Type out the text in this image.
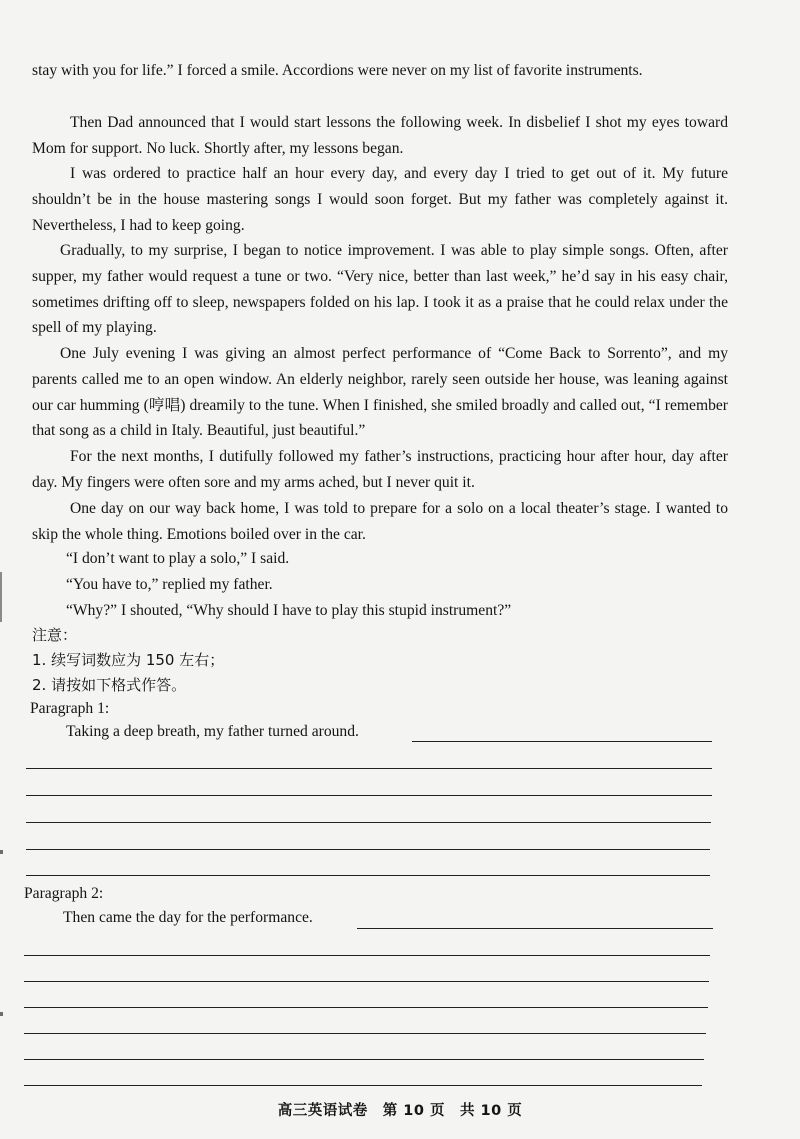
stay with you for life.” I forced a smile. Accordions were never on my list of favorite instruments.

Then Dad announced that I would start lessons the following week. In disbelief I shot my eyes toward Mom for support. No luck. Shortly after, my lessons began.

I was ordered to practice half an hour every day, and every day I tried to get out of it. My future shouldn’t be in the house mastering songs I would soon forget. But my father was completely against it. Nevertheless, I had to keep going.

Gradually, to my surprise, I began to notice improvement. I was able to play simple songs. Often, after supper, my father would request a tune or two. “Very nice, better than last week,” he’d say in his easy chair, sometimes drifting off to sleep, newspapers folded on his lap. I took it as a praise that he could relax under the spell of my playing.

One July evening I was giving an almost perfect performance of “Come Back to Sorrento”, and my parents called me to an open window. An elderly neighbor, rarely seen outside her house, was leaning against our car humming (哼唱) dreamily to the tune. When I finished, she smiled broadly and called out, “I remember that song as a child in Italy. Beautiful, just beautiful.”

For the next months, I dutifully followed my father’s instructions, practicing hour after hour, day after day. My fingers were often sore and my arms ached, but I never quit it.

One day on our way back home, I was told to prepare for a solo on a local theater’s stage. I wanted to skip the whole thing. Emotions boiled over in the car.

“I don’t want to play a solo,” I said.

“You have to,” replied my father.

“Why?” I shouted, “Why should I have to play this stupid instrument?”

注意：

1. 续写词数应为 150 左右；

2. 请按如下格式作答。

Paragraph 1:

Taking a deep breath, my father turned around.

Paragraph 2:

Then came the day for the performance.

高三英语试卷　第 10 页　共 10 页
